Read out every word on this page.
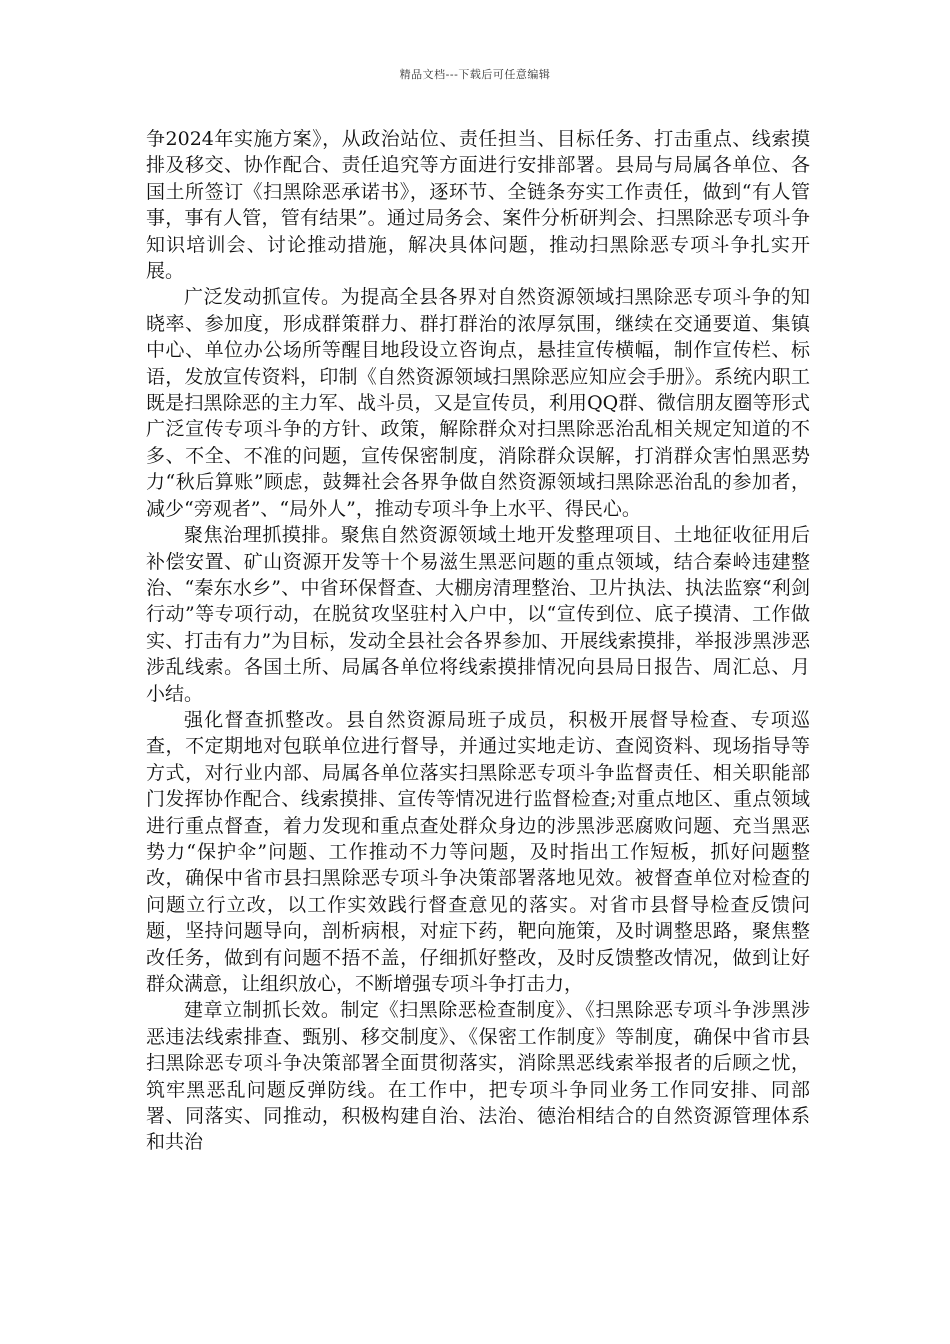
精品文档---下载后可任意编辑

争2024年实施方案》，从政治站位、责任担当、目标任务、打击重点、线索摸排及移交、协作配合、责任追究等方面进行安排部署。县局与局属各单位、各国土所签订《扫黑除恶承诺书》，逐环节、全链条夯实工作责任，做到“有人管事，事有人管，管有结果”。通过局务会、案件分析研判会、扫黑除恶专项斗争知识培训会、讨论推动措施，解决具体问题，推动扫黑除恶专项斗争扎实开展。

广泛发动抓宣传。为提高全县各界对自然资源领域扫黑除恶专项斗争的知晓率、参加度，形成群策群力、群打群治的浓厚氛围，继续在交通要道、集镇中心、单位办公场所等醒目地段设立咨询点，悬挂宣传横幅，制作宣传栏、标语，发放宣传资料，印制《自然资源领域扫黑除恶应知应会手册》。系统内职工既是扫黑除恶的主力军、战斗员，又是宣传员，利用QQ群、微信朋友圈等形式广泛宣传专项斗争的方针、政策，解除群众对扫黑除恶治乱相关规定知道的不多、不全、不准的问题，宣传保密制度，消除群众误解，打消群众害怕黑恶势力“秋后算账”顾虑，鼓舞社会各界争做自然资源领域扫黑除恶治乱的参加者，减少“旁观者”、“局外人”，推动专项斗争上水平、得民心。

聚焦治理抓摸排。聚焦自然资源领域土地开发整理项目、土地征收征用后补偿安置、矿山资源开发等十个易滋生黑恶问题的重点领域，结合秦岭违建整治、“秦东水乡”、中省环保督查、大棚房清理整治、卫片执法、执法监察“利剑行动”等专项行动，在脱贫攻坚驻村入户中，以“宣传到位、底子摸清、工作做实、打击有力”为目标，发动全县社会各界参加、开展线索摸排，举报涉黑涉恶涉乱线索。各国土所、局属各单位将线索摸排情况向县局日报告、周汇总、月小结。

强化督查抓整改。县自然资源局班子成员，积极开展督导检查、专项巡查，不定期地对包联单位进行督导，并通过实地走访、查阅资料、现场指导等方式，对行业内部、局属各单位落实扫黑除恶专项斗争监督责任、相关职能部门发挥协作配合、线索摸排、宣传等情况进行监督检查;对重点地区、重点领域进行重点督查，着力发现和重点查处群众身边的涉黑涉恶腐败问题、充当黑恶势力“保护伞”问题、工作推动不力等问题，及时指出工作短板，抓好问题整改，确保中省市县扫黑除恶专项斗争决策部署落地见效。被督查单位对检查的问题立行立改，以工作实效践行督查意见的落实。对省市县督导检查反馈问题，坚持问题导向，剖析病根，对症下药，靶向施策，及时调整思路，聚焦整改任务，做到有问题不捂不盖，仔细抓好整改，及时反馈整改情况，做到让好群众满意，让组织放心，不断增强专项斗争打击力，

建章立制抓长效。制定《扫黑除恶检查制度》、《扫黑除恶专项斗争涉黑涉恶违法线索排查、甄别、移交制度》、《保密工作制度》等制度，确保中省市县扫黑除恶专项斗争决策部署全面贯彻落实，消除黑恶线索举报者的后顾之忧，筑牢黑恶乱问题反弹防线。在工作中，把专项斗争同业务工作同安排、同部署、同落实、同推动，积极构建自治、法治、德治相结合的自然资源管理体系和共治
